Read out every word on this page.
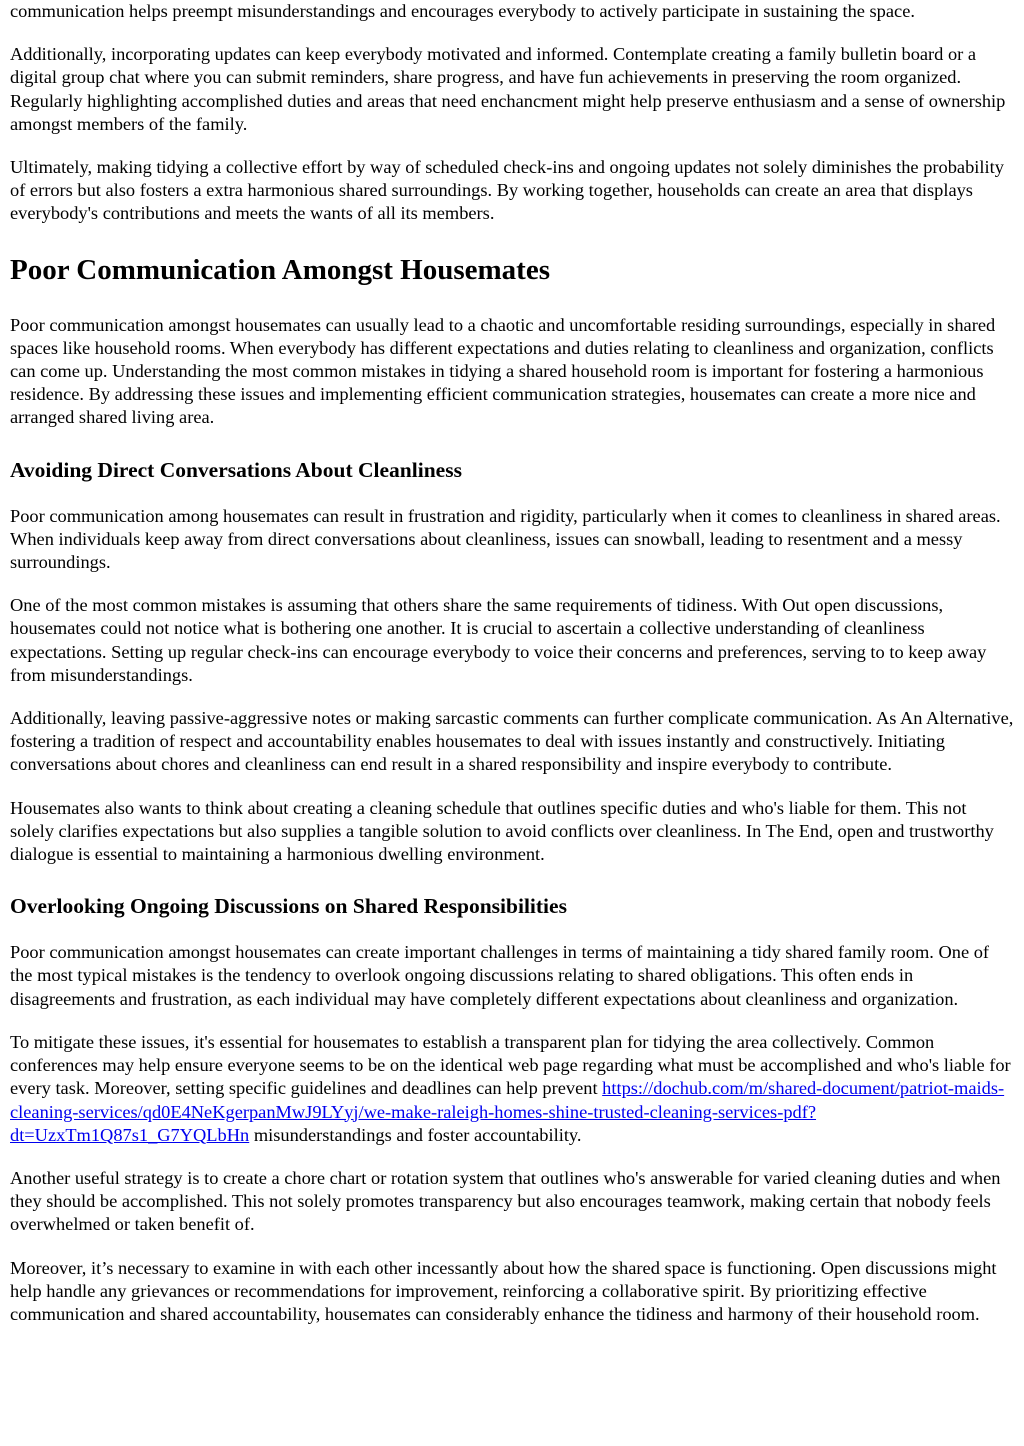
communication helps preempt misunderstandings and encourages everybody to actively participate in sustaining the space.

Additionally, incorporating updates can keep everybody motivated and informed. Contemplate creating a family bulletin board or a digital group chat where you can submit reminders, share progress, and have fun achievements in preserving the room organized. Regularly highlighting accomplished duties and areas that need enchancment might help preserve enthusiasm and a sense of ownership amongst members of the family.

Ultimately, making tidying a collective effort by way of scheduled check-ins and ongoing updates not solely diminishes the probability of errors but also fosters a extra harmonious shared surroundings. By working together, households can create an area that displays everybody's contributions and meets the wants of all its members.

Poor Communication Amongst Housemates

Poor communication amongst housemates can usually lead to a chaotic and uncomfortable residing surroundings, especially in shared spaces like household rooms. When everybody has different expectations and duties relating to cleanliness and organization, conflicts can come up. Understanding the most common mistakes in tidying a shared household room is important for fostering a harmonious residence. By addressing these issues and implementing efficient communication strategies, housemates can create a more nice and arranged shared living area.

Avoiding Direct Conversations About Cleanliness

Poor communication among housemates can result in frustration and rigidity, particularly when it comes to cleanliness in shared areas. When individuals keep away from direct conversations about cleanliness, issues can snowball, leading to resentment and a messy surroundings.

One of the most common mistakes is assuming that others share the same requirements of tidiness. With Out open discussions, housemates could not notice what is bothering one another. It is crucial to ascertain a collective understanding of cleanliness expectations. Setting up regular check-ins can encourage everybody to voice their concerns and preferences, serving to to keep away from misunderstandings.

Additionally, leaving passive-aggressive notes or making sarcastic comments can further complicate communication. As An Alternative, fostering a tradition of respect and accountability enables housemates to deal with issues instantly and constructively. Initiating conversations about chores and cleanliness can end result in a shared responsibility and inspire everybody to contribute.

Housemates also wants to think about creating a cleaning schedule that outlines specific duties and who's liable for them. This not solely clarifies expectations but also supplies a tangible solution to avoid conflicts over cleanliness. In The End, open and trustworthy dialogue is essential to maintaining a harmonious dwelling environment.

Overlooking Ongoing Discussions on Shared Responsibilities

Poor communication amongst housemates can create important challenges in terms of maintaining a tidy shared family room. One of the most typical mistakes is the tendency to overlook ongoing discussions relating to shared obligations. This often ends in disagreements and frustration, as each individual may have completely different expectations about cleanliness and organization.

To mitigate these issues, it's essential for housemates to establish a transparent plan for tidying the area collectively. Common conferences may help ensure everyone seems to be on the identical web page regarding what must be accomplished and who's liable for every task. Moreover, setting specific guidelines and deadlines can help prevent https://dochub.com/m/shared-document/patriot-maids-cleaning-services/qd0E4NeKgerpanMwJ9LYyj/we-make-raleigh-homes-shine-trusted-cleaning-services-pdf?dt=UzxTm1Q87s1_G7YQLbHn misunderstandings and foster accountability.

Another useful strategy is to create a chore chart or rotation system that outlines who's answerable for varied cleaning duties and when they should be accomplished. This not solely promotes transparency but also encourages teamwork, making certain that nobody feels overwhelmed or taken benefit of.

Moreover, it’s necessary to examine in with each other incessantly about how the shared space is functioning. Open discussions might help handle any grievances or recommendations for improvement, reinforcing a collaborative spirit. By prioritizing effective communication and shared accountability, housemates can considerably enhance the tidiness and harmony of their household room.
